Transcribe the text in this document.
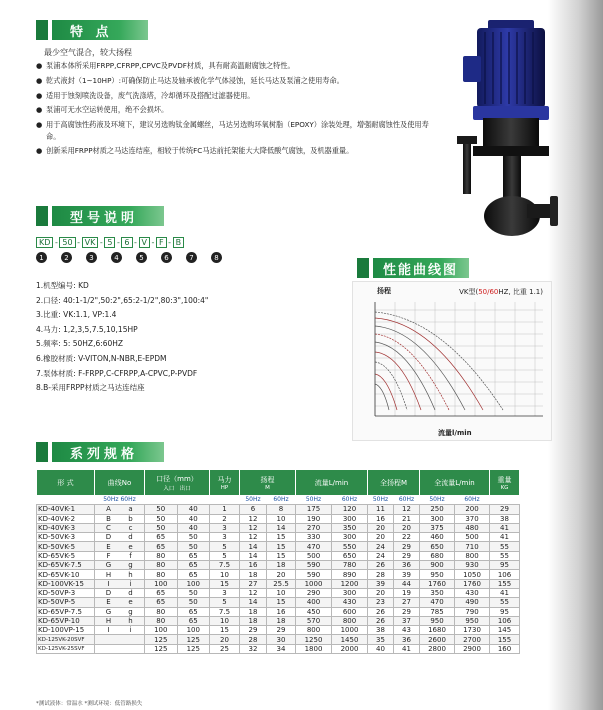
特 点
最少空气混合，较大扬程
● 泵浦本体所采用FRPP,CFRPP,CPVC及PVDF材质，具有耐高温耐腐蚀之特性。
● 乾式液封（1~10HP）:可确保防止马达及轴承被化学气体浸蚀，延长马达及泵浦之使用寿命。
● 适用于蚀刻喷洗设备，废气洗涤塔，冷却循环及搭配过滤器使用。
● 泵浦可无水空运转使用，绝不会损坏。
● 用于高腐蚀性药液及环境下，建议另选购钛金属螺丝，马达另选购环氧树脂（EPOXY）涂装处理，增强耐腐蚀性及使用寿命。
● 创新采用FRPP材质之马达连结座，相较于传统FC马达前托架能大大降低酸气腐蚀，及机器重量。
型号说明
KD - 50 - VK - 5 - 6 - V - F - B
1	2	3	4	5	6	7	8
1.机型编号: KD
2.口径: 40:1-1/2",50:2",65:2-1/2",80:3",100:4"
3.比重: VK:1.1, VP:1.4
4.马力: 1,2,3,5,7.5,10,15HP
5.频率: 5: 50HZ,6:60HZ
6.橡胶材质: V-VITON,N-NBR,E-EPDM
7.泵体材质: F-FRPP,C-CFRPP,A-CPVC,P-PVDF
8.B-采用FRPP材质之马达连结座
性能曲线图
扬程	VK型(50/60HZ, 比重 1.1)
流量l/min
系列规格
形 式	曲线No	口径（mm）
入口 出口		马力
HP	扬程
M		流量L/min		全扬程M		全流量L/min		重量
KG

	50Hz 60Hz				50Hz	60Hz	50Hz	60Hz	50Hz	60Hz	50Hz	60Hz	
KD-40VK-1	A a	50	40	1	6	8	175	120	11	12	250	200	29
KD-40VK-2	B b	50	40	2	12	10	190	300	16	21	300	370	38
KD-40VK-3	C c	50	40	3	12	14	270	350	20	20	375	480	41
KD-50VK-3	D d	65	50	3	12	15	330	300	20	22	460	500	41
KD-50VK-5	E e	65	50	5	14	15	470	550	24	29	650	710	55
KD-65VK-5	F f	80	65	5	14	15	500	650	24	29	680	800	55
KD-65VK-7.5	G g	80	65	7.5	16	18	590	780	26	36	900	930	95
KD-65VK-10	H h	80	65	10	18	20	590	890	28	39	950	1050	106
KD-100VK-15	I i	100	100	15	27	25.5	1000	1200	39	44	1760	1760	155
KD-50VP-3	D d	65	50	3	12	10	290	300	20	19	350	430	41
KD-50VP-5	E e	65	50	5	14	15	400	430	23	27	470	490	55
KD-65VP-7.5	G g	80	65	7.5	18	16	450	600	26	29	785	790	95
KD-65VP-10	H h	80	65	10	18	18	570	800	26	37	950	950	106
KD-100VP-15	I i	100	100	15	29	29	800	1000	38	43	1680	1730	145
KD-125VK-20SVF		125	125	20	28	30	1250	1450	35	36	2600	2700	155
KD-125VK-25SVF		125	125	25	32	34	1800	2000	40	41	2800	2900	160
*测试液体：常温水 *测试环境：低管路损失
